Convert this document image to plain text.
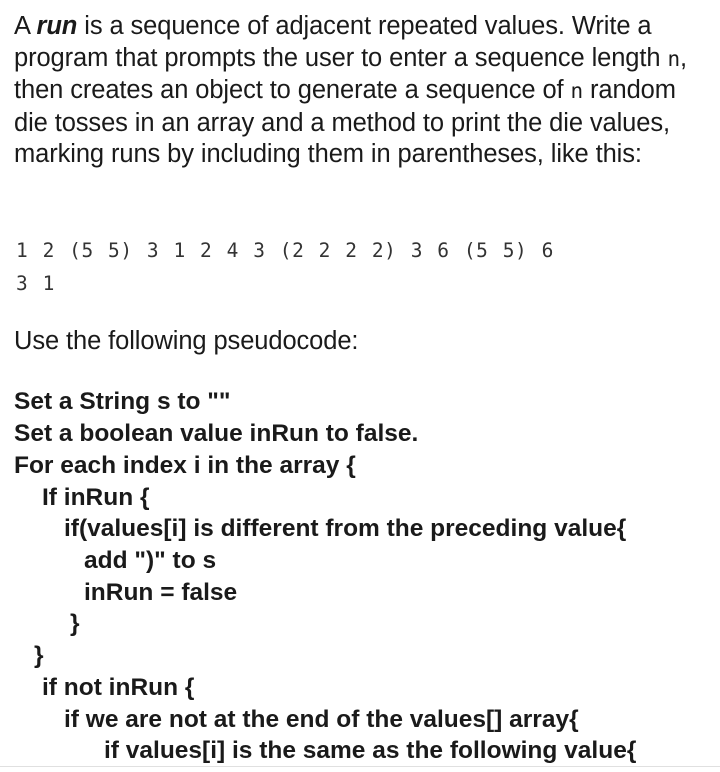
A run is a sequence of adjacent repeated values. Write a program that prompts the user to enter a sequence length n, then creates an object to generate a sequence of n random die tosses in an array and a method to print the die values, marking runs by including them in parentheses, like this:
1 2 (5 5) 3 1 2 4 3 (2 2 2 2) 3 6 (5 5) 6
3 1
Use the following pseudocode:
Set a String s to ""
Set a boolean value inRun to false.
For each index i in the array {
If inRun {
if(values[i] is different from the preceding value{
add ")" to s
inRun = false
}
}
if not inRun {
if we are not at the end of the values[] array{
if values[i] is the same as the following value{
